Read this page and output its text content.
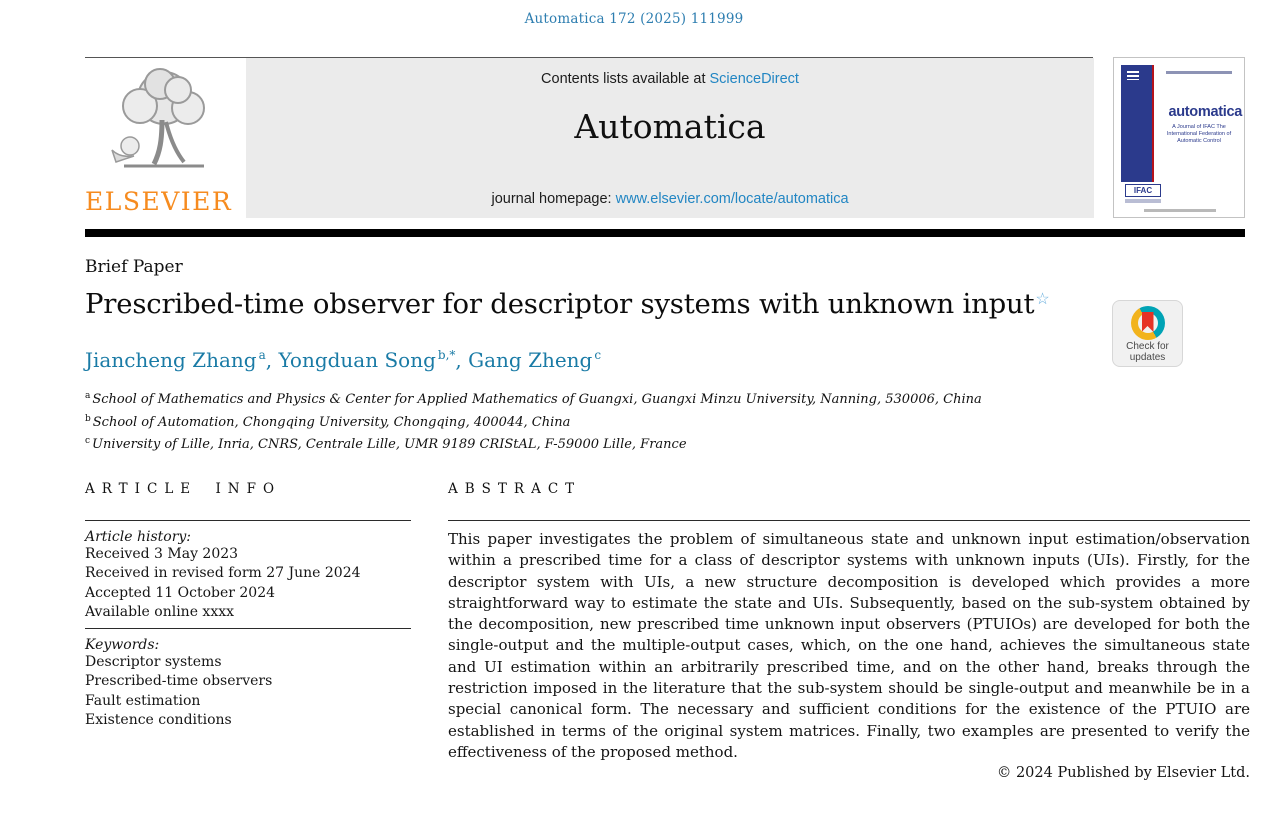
Automatica 172 (2025) 111999
ELSEVIER
Contents lists available at ScienceDirect
Automatica
journal homepage: www.elsevier.com/locate/automatica
automatica
A Journal of IFAC The International Federation of Automatic Control
IFAC
Brief Paper
Prescribed-time observer for descriptor systems with unknown input☆
Check for
updates
Jiancheng Zhang $^a$, Yongduan Song $^{b,*}$, Gang Zheng $^c$
$^a$ School of Mathematics and Physics & Center for Applied Mathematics of Guangxi, Guangxi Minzu University, Nanning, 530006, China
$^b$ School of Automation, Chongqing University, Chongqing, 400044, China
$^c$ University of Lille, Inria, CNRS, Centrale Lille, UMR 9189 CRIStAL, F-59000 Lille, France
ARTICLE INFO
Article history:
Received 3 May 2023
Received in revised form 27 June 2024
Accepted 11 October 2024
Available online xxxx
Keywords:
Descriptor systems
Prescribed-time observers
Fault estimation
Existence conditions
ABSTRACT
This paper investigates the problem of simultaneous state and unknown input estimation/observation within a prescribed time for a class of descriptor systems with unknown inputs (UIs). Firstly, for the descriptor system with UIs, a new structure decomposition is developed which provides a more straightforward way to estimate the state and UIs. Subsequently, based on the sub-system obtained by the decomposition, new prescribed time unknown input observers (PTUIOs) are developed for both the single-output and the multiple-output cases, which, on the one hand, achieves the simultaneous state and UI estimation within an arbitrarily prescribed time, and on the other hand, breaks through the restriction imposed in the literature that the sub-system should be single-output and meanwhile be in a special canonical form. The necessary and sufficient conditions for the existence of the PTUIO are established in terms of the original system matrices. Finally, two examples are presented to verify the effectiveness of the proposed method.
© 2024 Published by Elsevier Ltd.
